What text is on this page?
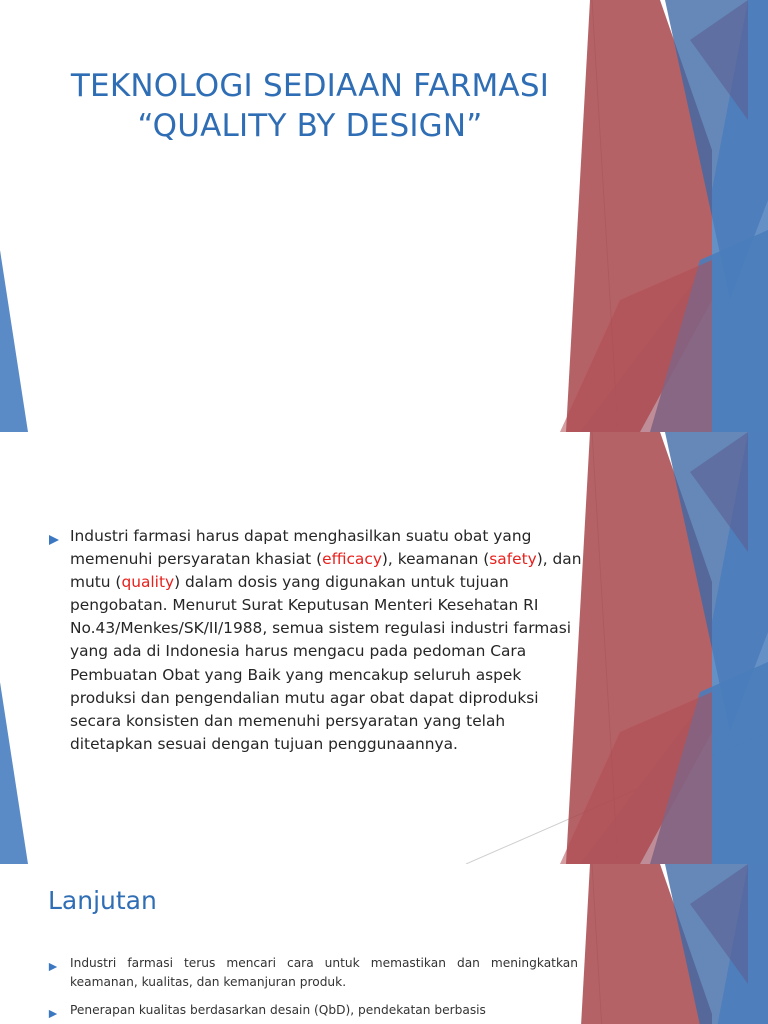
TEKNOLOGI SEDIAAN FARMASI
“QUALITY BY DESIGN”
Industri farmasi harus dapat menghasilkan suatu obat yang memenuhi persyaratan khasiat (efficacy), keamanan (safety), dan mutu (quality) dalam dosis yang digunakan untuk tujuan pengobatan. Menurut Surat Keputusan Menteri Kesehatan RI No.43/Menkes/SK/II/1988, semua sistem regulasi industri farmasi yang ada di Indonesia harus mengacu pada pedoman Cara Pembuatan Obat yang Baik yang mencakup seluruh aspek produksi dan pengendalian mutu agar obat dapat diproduksi secara konsisten dan memenuhi persyaratan yang telah ditetapkan sesuai dengan tujuan penggunaannya.
Lanjutan
Industri farmasi terus mencari cara untuk memastikan dan meningkatkan keamanan, kualitas, dan kemanjuran produk.
Penerapan kualitas berdasarkan desain (QbD), pendekatan berbasis
